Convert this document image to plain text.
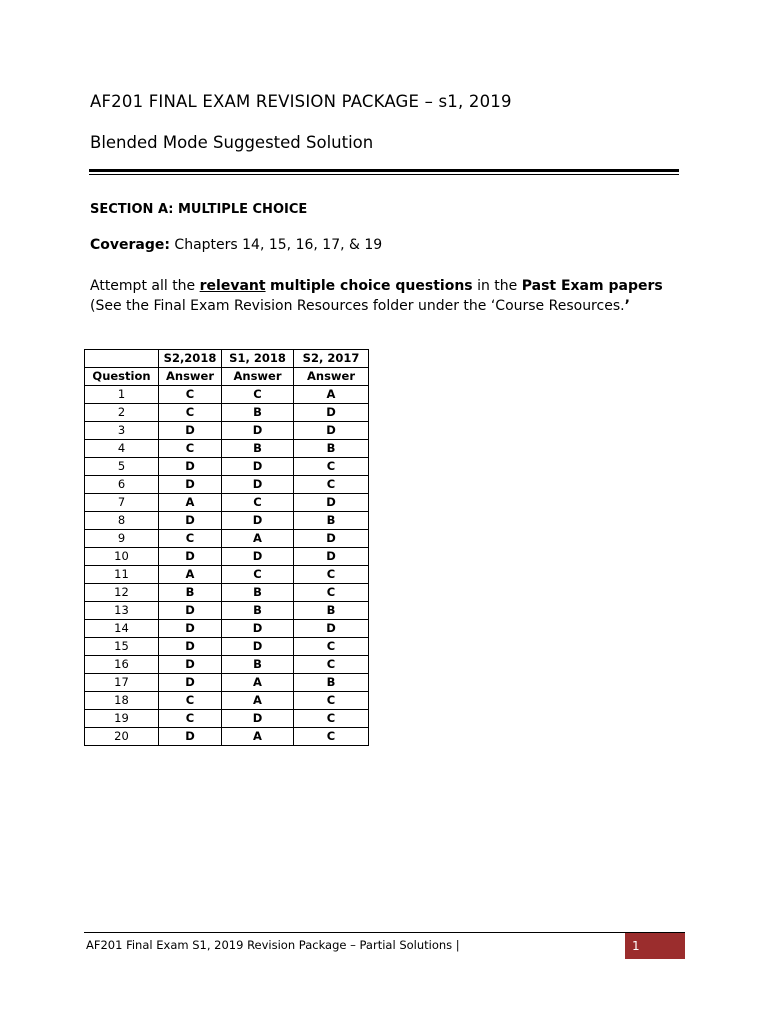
AF201 FINAL EXAM REVISION PACKAGE – s1, 2019
Blended Mode Suggested Solution
SECTION A: MULTIPLE CHOICE
Coverage: Chapters 14, 15, 16, 17, & 19
Attempt all the relevant multiple choice questions in the Past Exam papers (See the Final Exam Revision Resources folder under the ‘Course Resources.’
	S2,2018	S1, 2018	S2, 2017
Question	Answer	Answer	Answer
1	C	C	A
2	C	B	D
3	D	D	D
4	C	B	B
5	D	D	C
6	D	D	C
7	A	C	D
8	D	D	B
9	C	A	D
10	D	D	D
11	A	C	C
12	B	B	C
13	D	B	B
14	D	D	D
15	D	D	C
16	D	B	C
17	D	A	B
18	C	A	C
19	C	D	C
20	D	A	C
AF201 Final Exam S1, 2019 Revision Package – Partial Solutions |	1
